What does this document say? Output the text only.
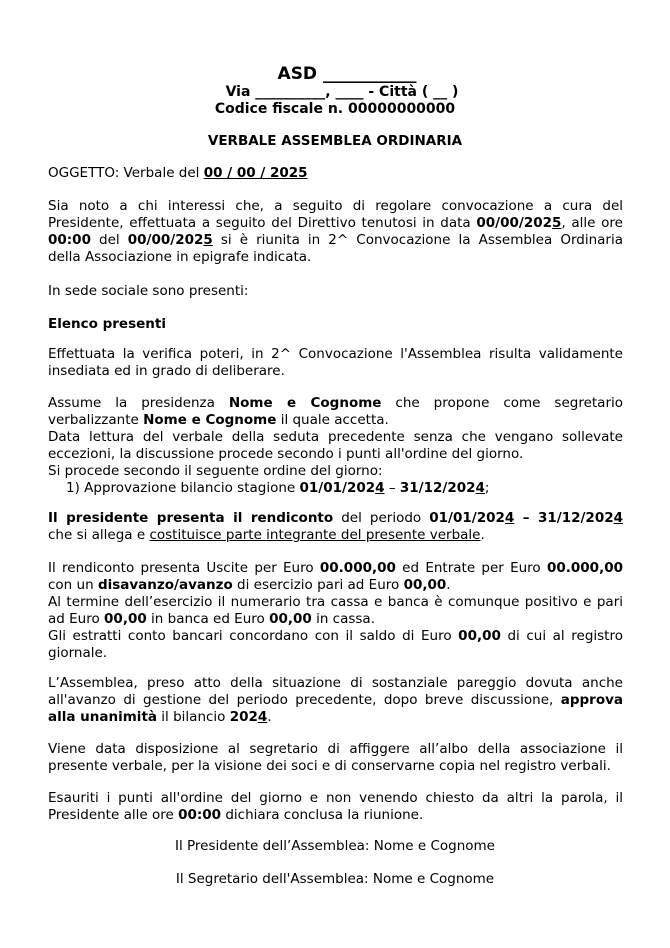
ASD ___________
Via __________, ____ - Città ( __ )
Codice fiscale n. 00000000000
VERBALE ASSEMBLEA ORDINARIA
OGGETTO: Verbale del 00 / 00 / 2025
Sia noto a chi interessi che, a seguito di regolare convocazione a cura del
Presidente, effettuata a seguito del Direttivo tenutosi in data 00/00/2025, alle ore
00:00 del 00/00/2025 si è riunita in 2^ Convocazione la Assemblea Ordinaria
della Associazione in epigrafe indicata.
In sede sociale sono presenti:
Elenco presenti
Effettuata la verifica poteri, in 2^ Convocazione l'Assemblea risulta validamente
insediata ed in grado di deliberare.
Assume la presidenza Nome e Cognome che propone come segretario
verbalizzante Nome e Cognome il quale accetta.
Data lettura del verbale della seduta precedente senza che vengano sollevate
eccezioni, la discussione procede secondo i punti all'ordine del giorno.
Si procede secondo il seguente ordine del giorno:
1) Approvazione bilancio stagione 01/01/2024 – 31/12/2024;
Il presidente presenta il rendiconto del periodo 01/01/2024 – 31/12/2024
che si allega e costituisce parte integrante del presente verbale.
Il rendiconto presenta Uscite per Euro 00.000,00 ed Entrate per Euro 00.000,00
con un disavanzo/avanzo di esercizio pari ad Euro 00,00.
Al termine dell’esercizio il numerario tra cassa e banca è comunque positivo e pari
ad Euro 00,00 in banca ed Euro 00,00 in cassa.
Gli estratti conto bancari concordano con il saldo di Euro 00,00 di cui al registro
giornale.
L’Assemblea, preso atto della situazione di sostanziale pareggio dovuta anche
all'avanzo di gestione del periodo precedente, dopo breve discussione, approva
alla unanimità il bilancio 2024.
Viene data disposizione al segretario di affiggere all’albo della associazione il
presente verbale, per la visione dei soci e di conservarne copia nel registro verbali.
Esauriti i punti all'ordine del giorno e non venendo chiesto da altri la parola, il
Presidente alle ore 00:00 dichiara conclusa la riunione.
Il Presidente dell’Assemblea: Nome e Cognome
Il Segretario dell'Assemblea: Nome e Cognome
